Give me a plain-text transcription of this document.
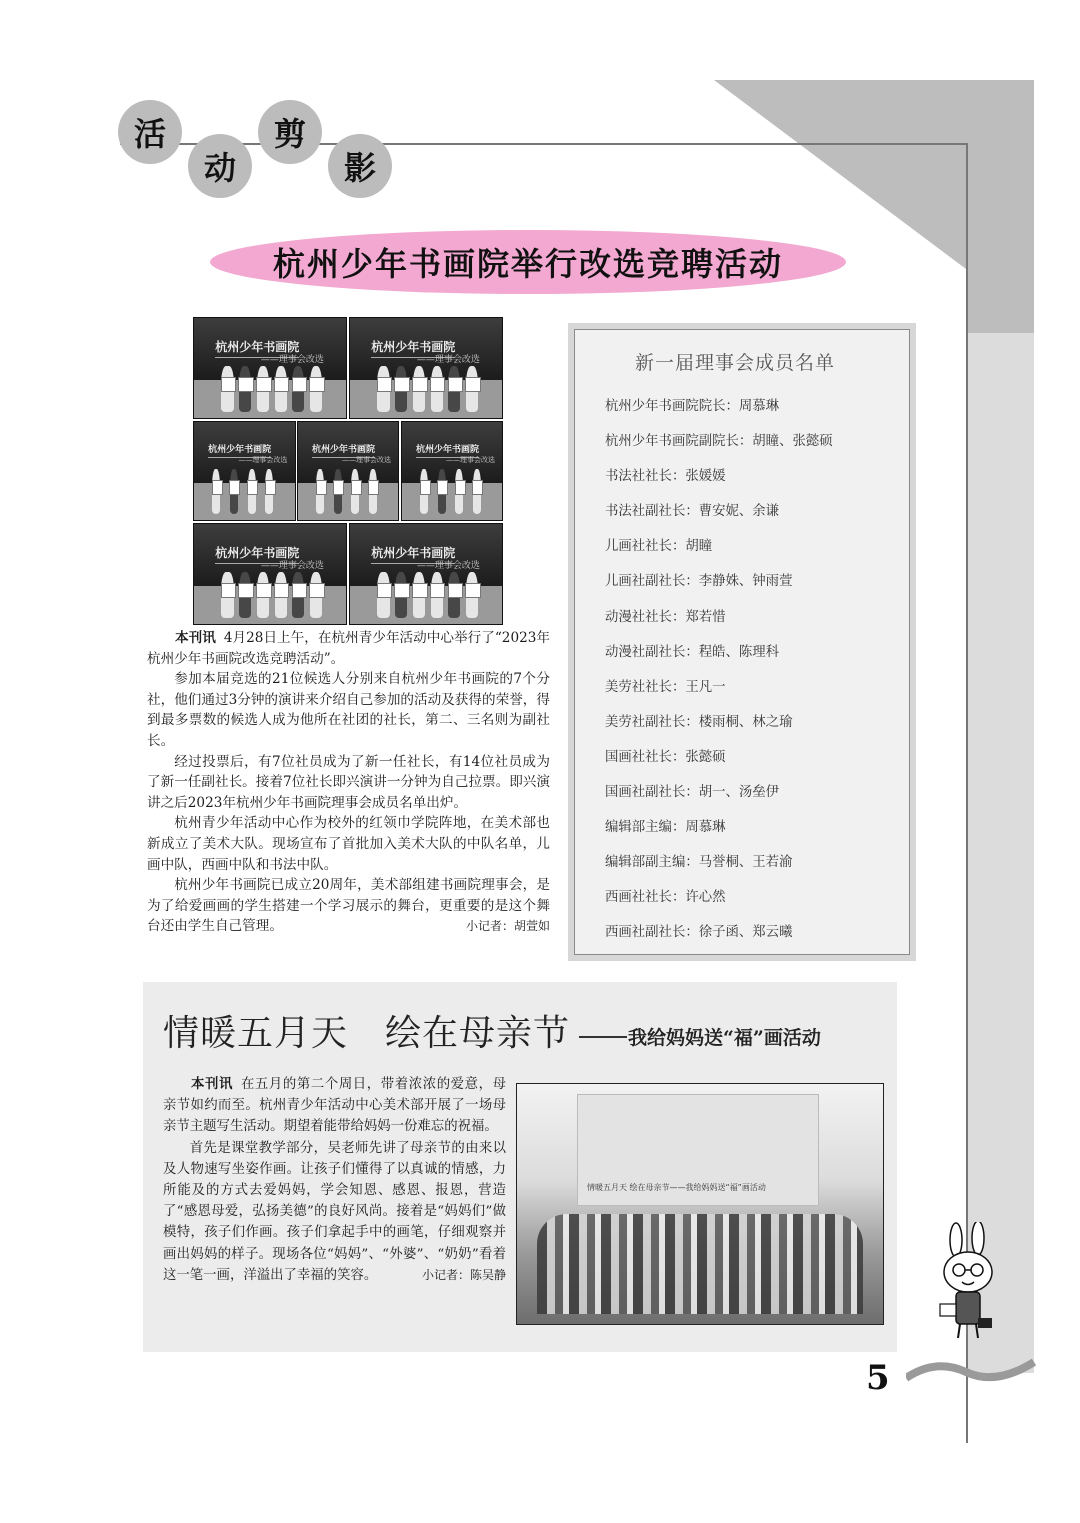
活
动
剪
影
杭州少年书画院举行改选竞聘活动
杭州少年书画院
——理事会改选
杭州少年书画院
——理事会改选
杭州少年书画院
——理事会改选
杭州少年书画院
——理事会改选
杭州少年书画院
——理事会改选
杭州少年书画院
——理事会改选
杭州少年书画院
——理事会改选

本刊讯 4月28日上午，在杭州青少年活动中心举行了“2023年杭州少年书画院改选竞聘活动”。

参加本届竞选的21位候选人分别来自杭州少年书画院的7个分社，他们通过3分钟的演讲来介绍自己参加的活动及获得的荣誉，得到最多票数的候选人成为他所在社团的社长，第二、三名则为副社长。

经过投票后，有7位社员成为了新一任社长，有14位社员成为了新一任副社长。接着7位社长即兴演讲一分钟为自己拉票。即兴演讲之后2023年杭州少年书画院理事会成员名单出炉。

杭州青少年活动中心作为校外的红领巾学院阵地，在美术部也新成立了美术大队。现场宣布了首批加入美术大队的中队名单，儿画中队，西画中队和书法中队。

杭州少年书画院已成立20周年，美术部组建书画院理事会，是为了给爱画画的学生搭建一个学习展示的舞台，更重要的是这个舞台还由学生自己管理。	小记者：胡萱如

新一届理事会成员名单
杭州少年书画院院长：周慕琳
杭州少年书画院副院长：胡瞳、张懿硕
书法社社长：张媛媛
书法社副社长：曹安妮、余谦
儿画社社长：胡瞳
儿画社副社长：李静姝、钟雨萱
动漫社社长：郑若惜
动漫社副社长：程皓、陈理科
美劳社社长：王凡一
美劳社副社长：楼雨桐、林之瑜
国画社社长：张懿硕
国画社副社长：胡一、汤垒伊
编辑部主编：周慕琳
编辑部副主编：马誉桐、王若渝
西画社社长：许心然
西画社副社长：徐子函、郑云曦
情暖五月天　绘在母亲节	我给妈妈送“福”画活动

本刊讯 在五月的第二个周日，带着浓浓的爱意，母亲节如约而至。杭州青少年活动中心美术部开展了一场母亲节主题写生活动。期望着能带给妈妈一份难忘的祝福。

首先是课堂教学部分，吴老师先讲了母亲节的由来以及人物速写坐姿作画。让孩子们懂得了以真诚的情感，力所能及的方式去爱妈妈，学会知恩、感恩、报恩，营造了“感恩母爱，弘扬美德”的良好风尚。接着是“妈妈们”做模特，孩子们作画。孩子们拿起手中的画笔，仔细观察并画出妈妈的样子。现场各位“妈妈”、“外婆”、“奶奶”看着这一笔一画，洋溢出了幸福的笑容。	小记者：陈吴静

情暖五月天 绘在母亲节——我给妈妈送“福”画活动
5
